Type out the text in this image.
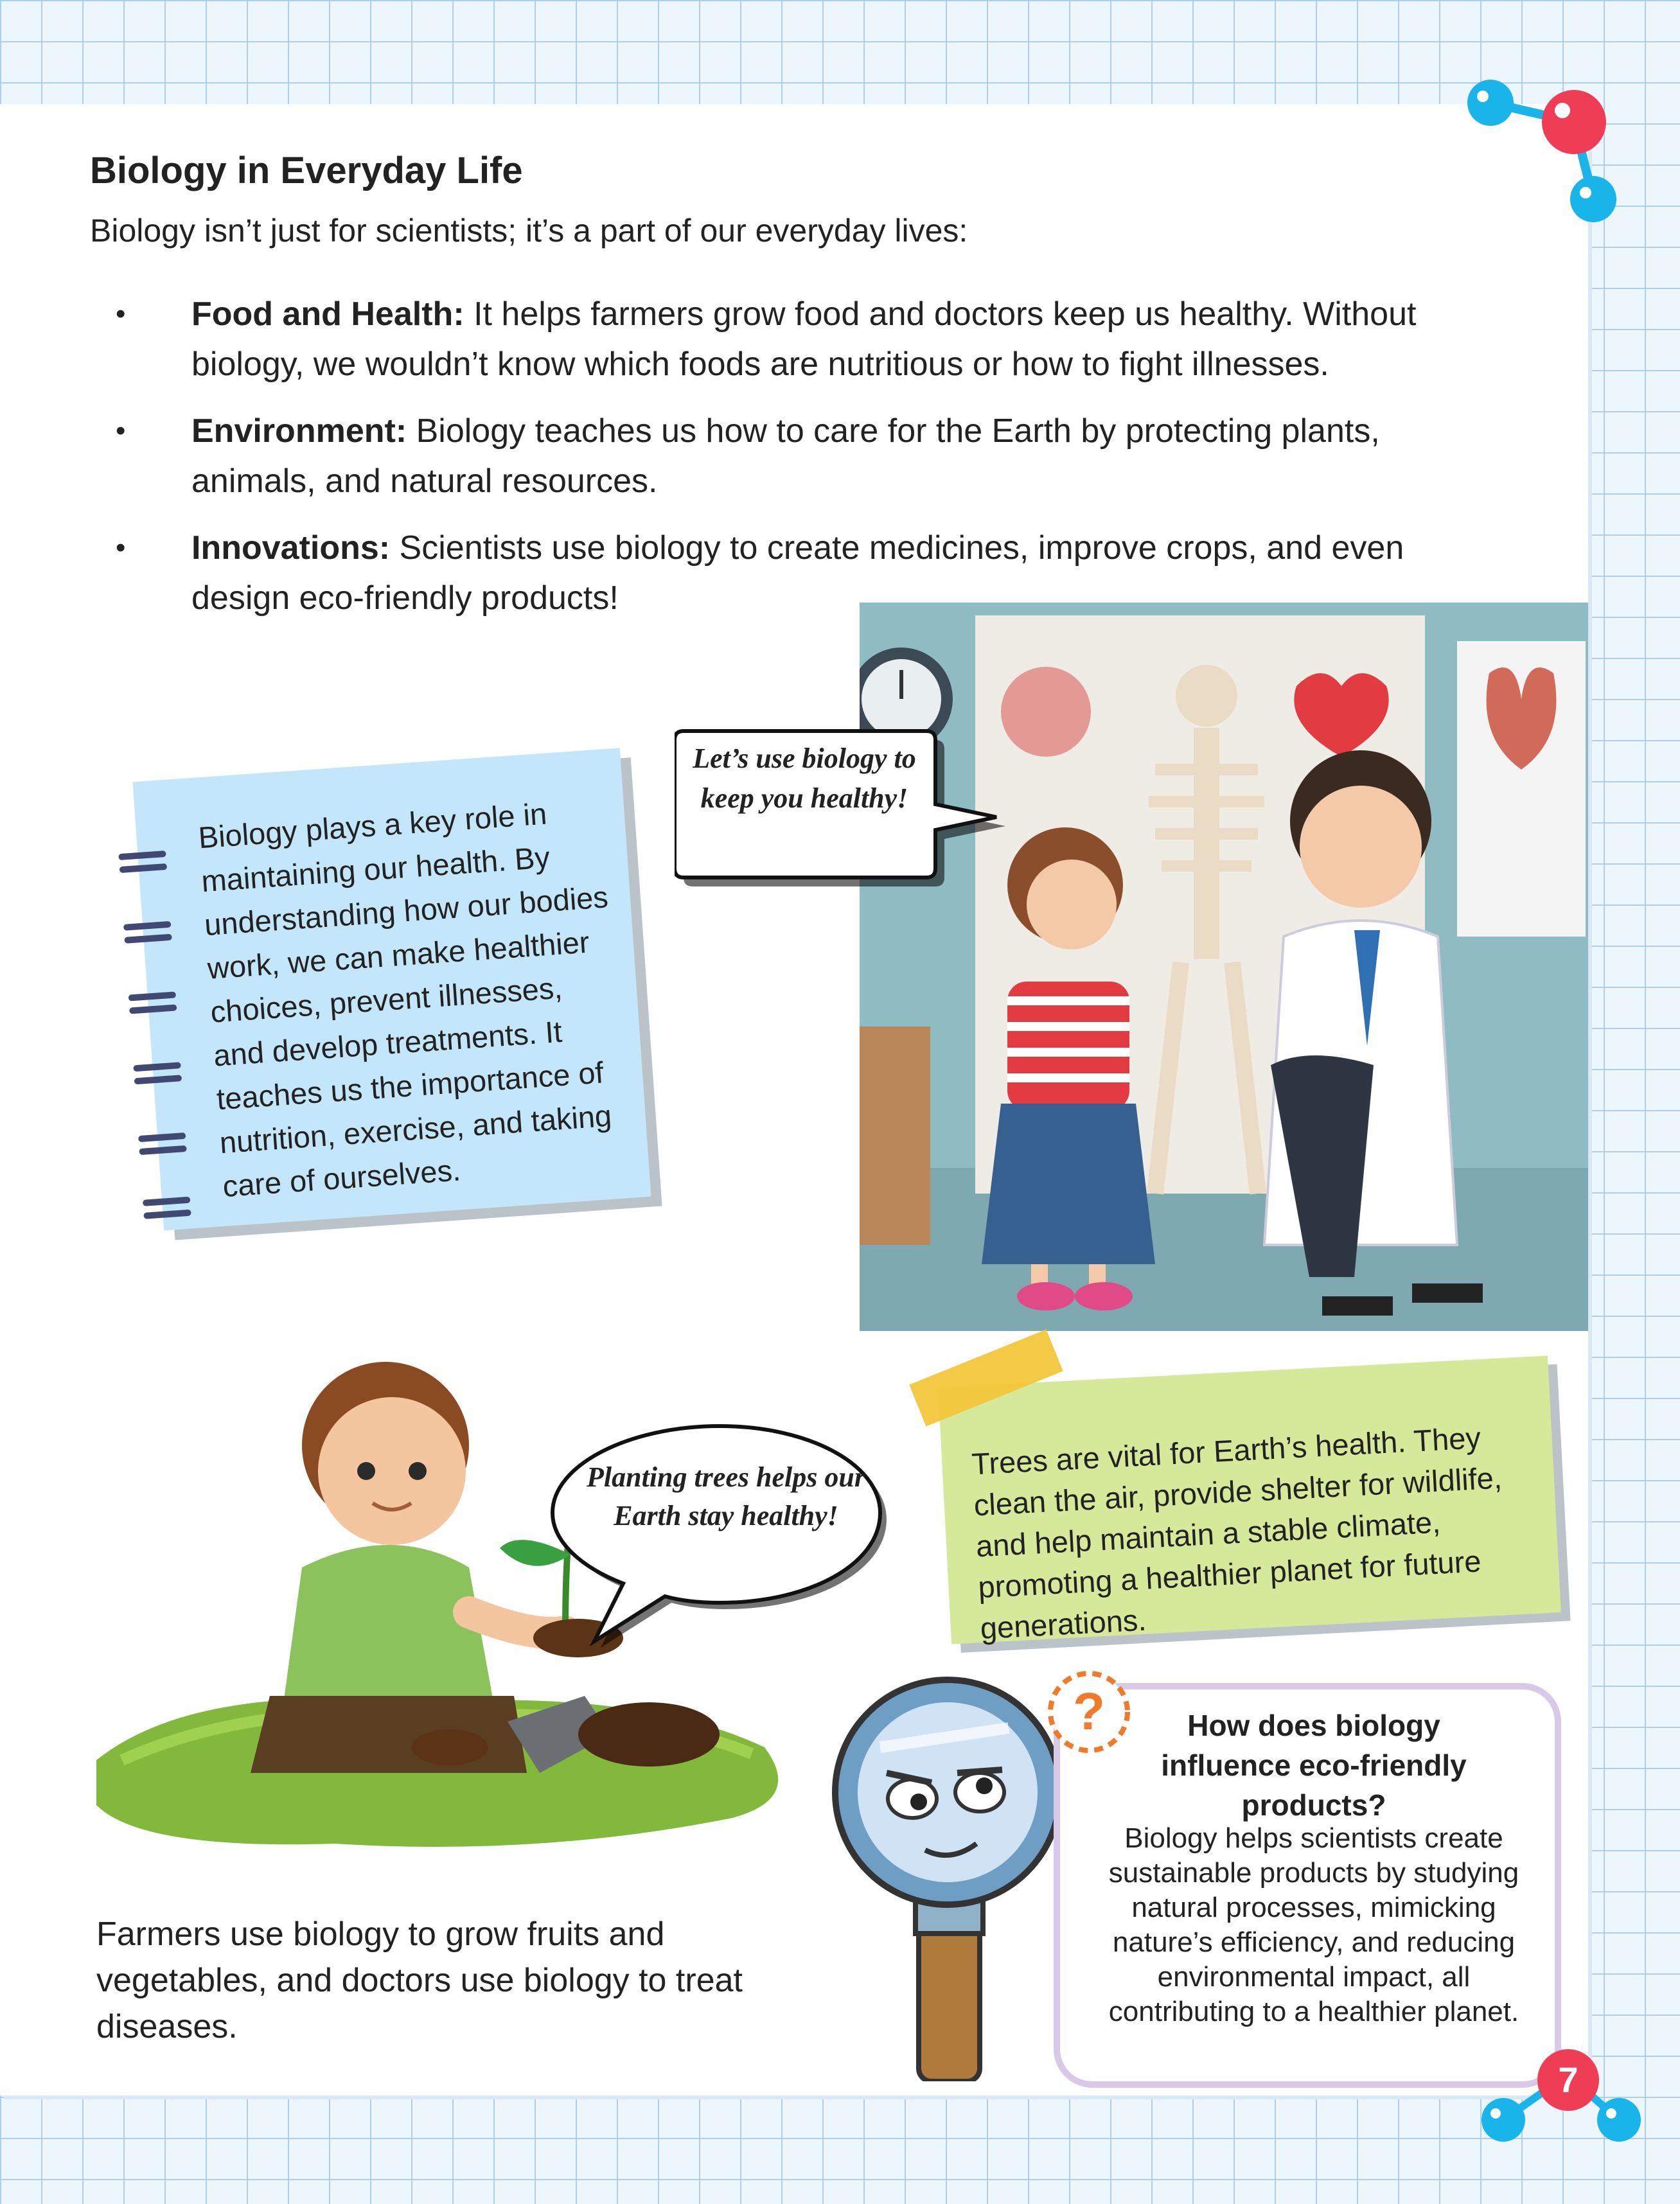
Biology in Everyday Life
Biology isn’t just for scientists; it’s a part of our everyday lives:
• Food and Health: It helps farmers grow food and doctors keep us healthy. Without biology, we wouldn’t know which foods are nutritious or how to fight illnesses.
• Environment: Biology teaches us how to care for the Earth by protecting plants, animals, and natural resources.
• Innovations: Scientists use biology to create medicines, improve crops, and even design eco-friendly products!
Let’s use biology to keep you healthy!
Biology plays a key role in maintaining our health. By understanding how our bodies work, we can make healthier choices, prevent illnesses, and develop treatments. It teaches us the importance of nutrition, exercise, and taking care of ourselves.
Planting trees helps our Earth stay healthy!
Trees are vital for Earth’s health. They clean the air, provide shelter for wildlife, and help maintain a stable climate, promoting a healthier planet for future generations.
Farmers use biology to grow fruits and vegetables, and doctors use biology to treat diseases.
?	How does biology influence eco-friendly products?
Biology helps scientists create sustainable products by studying natural processes, mimicking nature’s efficiency, and reducing environmental impact, all contributing to a healthier planet.
7
